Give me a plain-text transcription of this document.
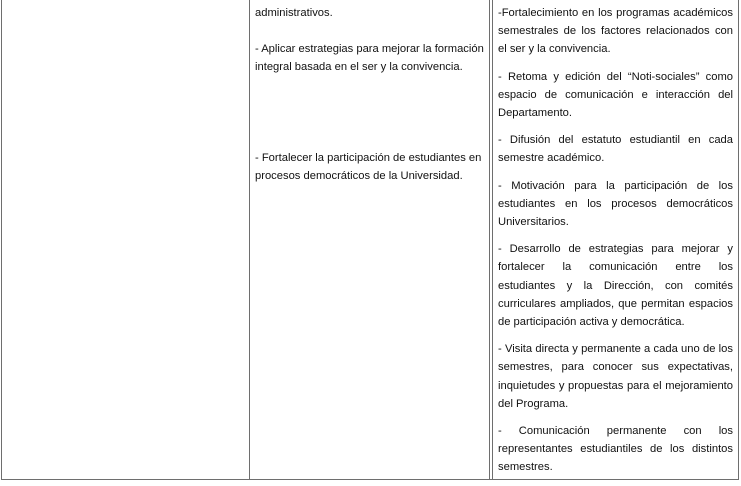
administrativos.

- Aplicar estrategias para mejorar la formación integral basada en el ser y la convivencia.

- Fortalecer la participación de estudiantes en procesos democráticos de la Universidad.

-Fortalecimiento en los programas académicos semestrales de los factores relacionados con el ser y la convivencia.

- Retoma y edición del “Noti-sociales” como espacio de comunicación e interacción del Departamento.

- Difusión del estatuto estudiantil en cada semestre académico.

- Motivación para la participación de los estudiantes en los procesos democráticos Universitarios.

- Desarrollo de estrategias para mejorar y fortalecer la comunicación entre los estudiantes y la Dirección, con comités curriculares ampliados, que permitan espacios de participación activa y democrática.

- Visita directa y permanente a cada uno de los semestres, para conocer sus expectativas, inquietudes y propuestas para el mejoramiento del Programa.

- Comunicación permanente con los representantes estudiantiles de los distintos semestres.
